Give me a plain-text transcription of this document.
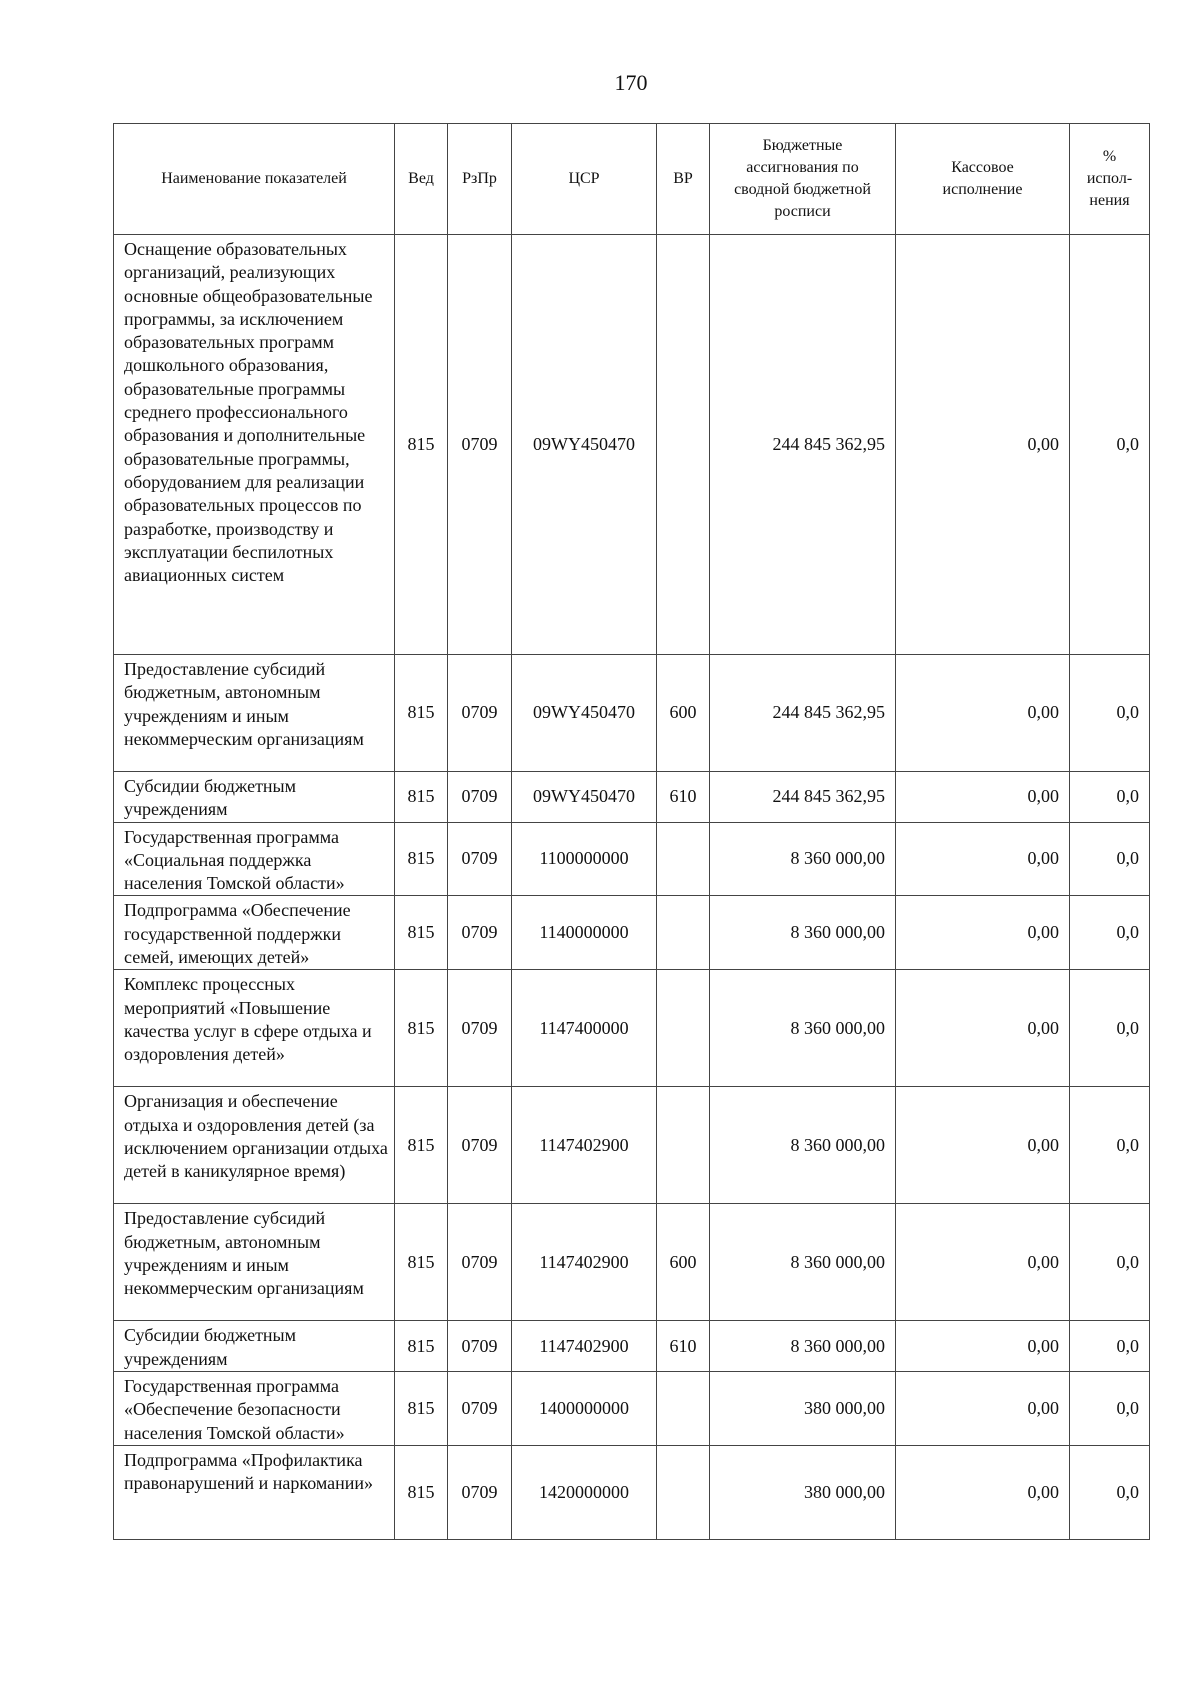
170
Наименование показателей	Вед	РзПр	ЦСР	ВР	Бюджетные ассигнования по сводной бюджетной росписи	Кассовое исполнение	% испол-нения
Оснащение образовательных организаций, реализующих основные общеобразовательные программы, за исключением образовательных программ дошкольного образования, образовательные программы среднего профессионального образования и дополнительные образовательные программы, оборудованием для реализации образовательных процессов по разработке, производству и эксплуатации беспилотных авиационных систем	815	0709	09WY450470		244 845 362,95	0,00	0,0
Предоставление субсидий бюджетным, автономным учреждениям и иным некоммерческим организациям	815	0709	09WY450470	600	244 845 362,95	0,00	0,0
Субсидии бюджетным учреждениям	815	0709	09WY450470	610	244 845 362,95	0,00	0,0
Государственная программа «Социальная поддержка населения Томской области»	815	0709	1100000000		8 360 000,00	0,00	0,0
Подпрограмма «Обеспечение государственной поддержки семей, имеющих детей»	815	0709	1140000000		8 360 000,00	0,00	0,0
Комплекс процессных мероприятий «Повышение качества услуг в сфере отдыха и оздоровления детей»	815	0709	1147400000		8 360 000,00	0,00	0,0
Организация и обеспечение отдыха и оздоровления детей (за исключением организации отдыха детей в каникулярное время)	815	0709	1147402900		8 360 000,00	0,00	0,0
Предоставление субсидий бюджетным, автономным учреждениям и иным некоммерческим организациям	815	0709	1147402900	600	8 360 000,00	0,00	0,0
Субсидии бюджетным учреждениям	815	0709	1147402900	610	8 360 000,00	0,00	0,0
Государственная программа «Обеспечение безопасности населения Томской области»	815	0709	1400000000		380 000,00	0,00	0,0
Подпрограмма «Профилактика правонарушений и наркомании»	815	0709	1420000000		380 000,00	0,00	0,0
